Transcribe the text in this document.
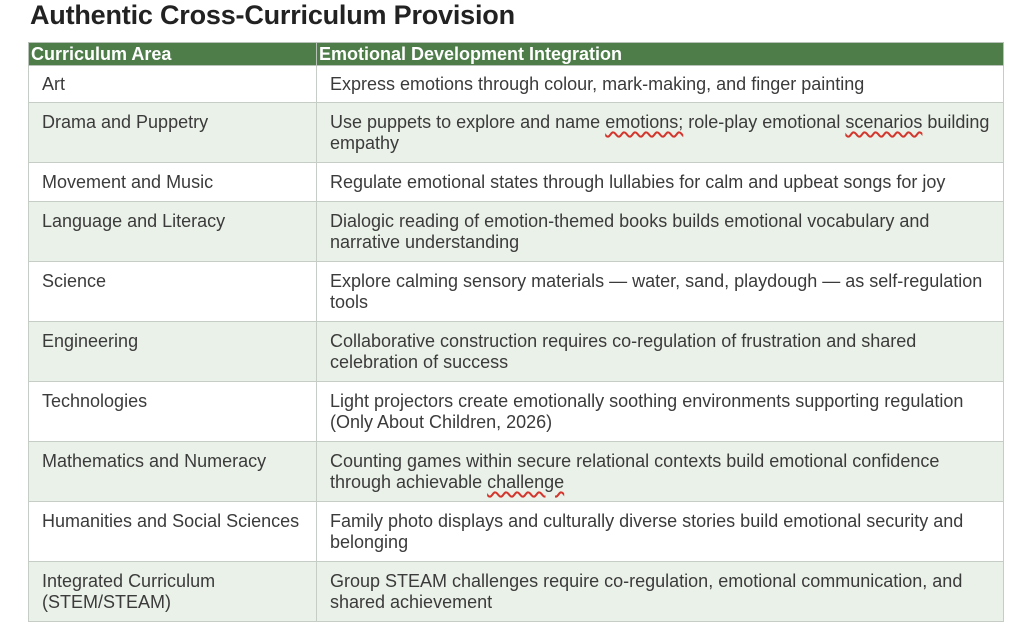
Authentic Cross-Curriculum Provision
Curriculum Area	Emotional Development Integration
Art	Express emotions through colour, mark-making, and finger painting
Drama and Puppetry	Use puppets to explore and name emotions; role-play emotional scenarios building empathy
Movement and Music	Regulate emotional states through lullabies for calm and upbeat songs for joy
Language and Literacy	Dialogic reading of emotion-themed books builds emotional vocabulary and narrative understanding
Science	Explore calming sensory materials — water, sand, playdough — as self-regulation tools
Engineering	Collaborative construction requires co-regulation of frustration and shared celebration of success
Technologies	Light projectors create emotionally soothing environments supporting regulation (Only About Children, 2026)
Mathematics and Numeracy	Counting games within secure relational contexts build emotional confidence through achievable challenge
Humanities and Social Sciences	Family photo displays and culturally diverse stories build emotional security and belonging
Integrated Curriculum (STEM/STEAM)	Group STEAM challenges require co-regulation, emotional communication, and shared achievement
